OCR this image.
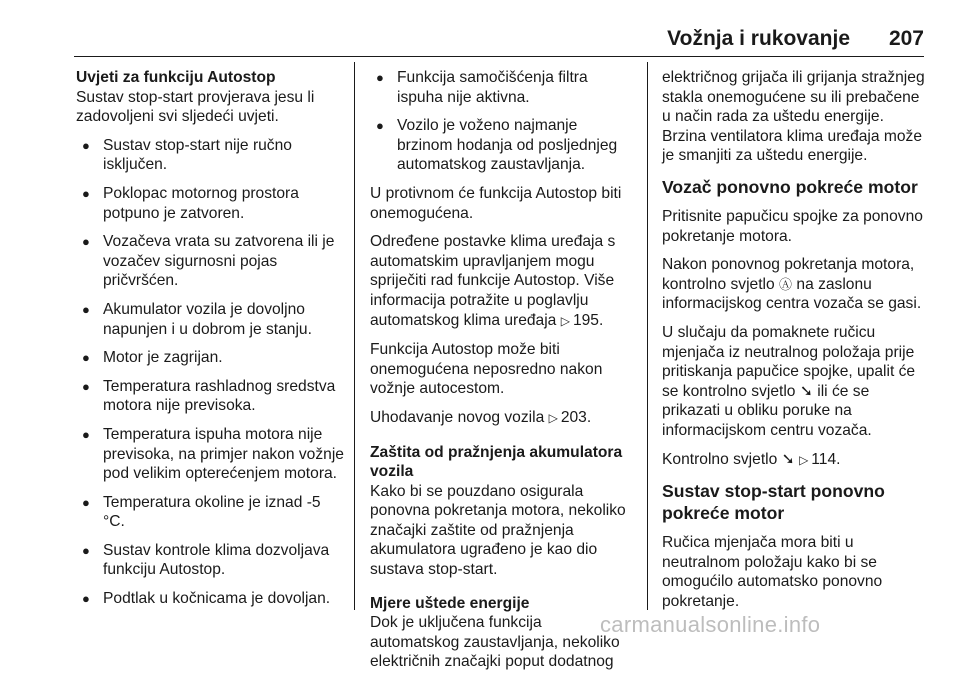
Vožnja i rukovanje 207
Uvjeti za funkciju Autostop

Sustav stop-start provjerava jesu li zadovoljeni svi sljedeći uvjeti.

● Sustav stop-start nije ručno isključen.
● Poklopac motornog prostora potpuno je zatvoren.
● Vozačeva vrata su zatvorena ili je vozačev sigurnosni pojas pričvršćen.
● Akumulator vozila je dovoljno napunjen i u dobrom je stanju.
● Motor je zagrijan.
● Temperatura rashladnog sredstva motora nije previsoka.
● Temperatura ispuha motora nije previsoka, na primjer nakon vožnje pod velikim opterećenjem motora.
● Temperatura okoline je iznad -5 °C.
● Sustav kontrole klima dozvoljava funkciju Autostop.
● Podtlak u kočnicama je dovoljan.
● Funkcija samočišćenja filtra ispuha nije aktivna.
● Vozilo je voženo najmanje brzinom hodanja od posljednjeg automatskog zaustavljanja.

U protivnom će funkcija Autostop biti onemogućena.

Određene postavke klima uređaja s automatskim upravljanjem mogu spriječiti rad funkcije Autostop. Više informacija potražite u poglavlju automatskog klima uređaja ▷ 195.

Funkcija Autostop može biti onemogućena neposredno nakon vožnje autocestom.

Uhodavanje novog vozila ▷ 203.

Zaštita od pražnjenja akumulatora vozila

Kako bi se pouzdano osigurala ponovna pokretanja motora, nekoliko značajki zaštite od pražnjenja akumulatora ugrađeno je kao dio sustava stop-start.

Mjere uštede energije

Dok je uključena funkcija automatskog zaustavljanja, nekoliko električnih značajki poput dodatnog

električnog grijača ili grijanja stražnjeg stakla onemogućene su ili prebačene u način rada za uštedu energije. Brzina ventilatora klima uređaja može je smanjiti za uštedu energije.

Vozač ponovno pokreće motor

Pritisnite papučicu spojke za ponovno pokretanje motora.

Nakon ponovnog pokretanja motora, kontrolno svjetlo Ⓐ na zaslonu informacijskog centra vozača se gasi.

U slučaju da pomaknete ručicu mjenjača iz neutralnog položaja prije pritiskanja papučice spojke, upalit će se kontrolno svjetlo ➘ ili će se prikazati u obliku poruke na informacijskom centru vozača.

Kontrolno svjetlo ➘ ▷ 114.

Sustav stop-start ponovno pokreće motor

Ručica mjenjača mora biti u neutralnom položaju kako bi se omogućilo automatsko ponovno pokretanje.

carmanualsonline.info
